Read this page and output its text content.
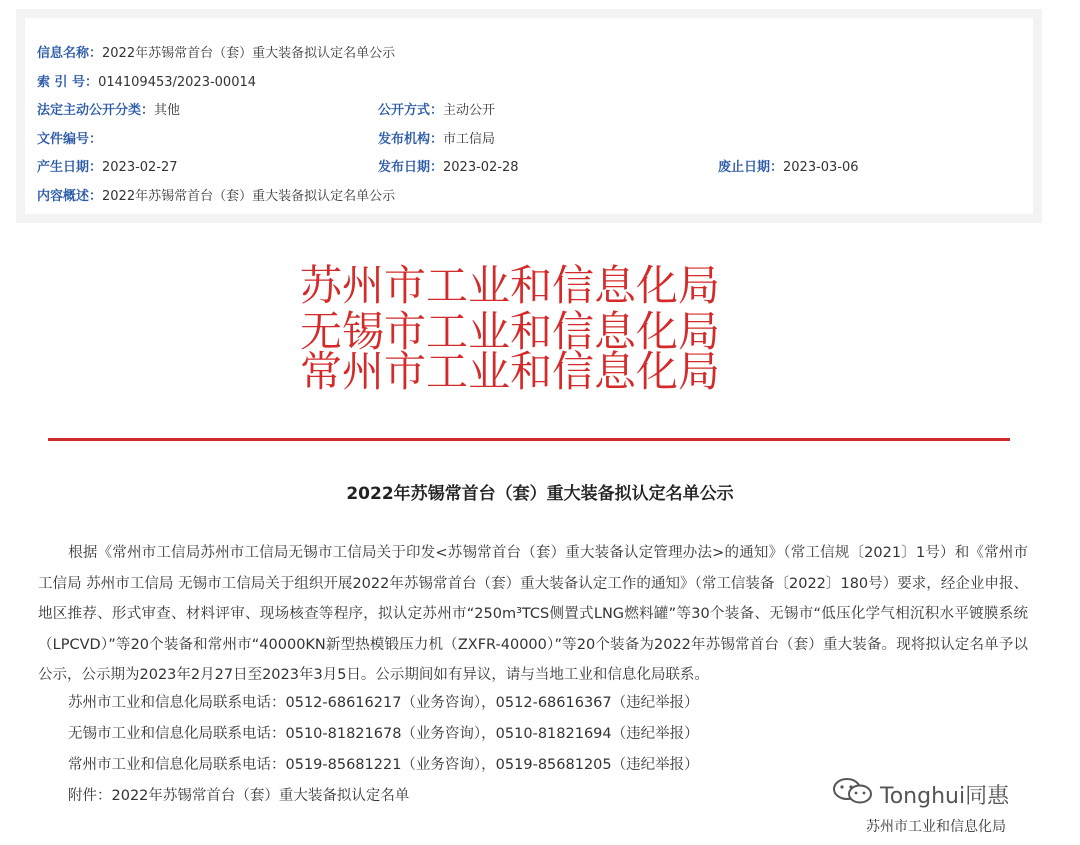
信息名称：2022年苏锡常首台（套）重大装备拟认定名单公示
索 引 号：014109453/2023-00014
法定主动公开分类：其他	公开方式：主动公开
文件编号：	发布机构：市工信局
产生日期：2023-02-27	发布日期：2023-02-28	废止日期：2023-03-06
内容概述：2022年苏锡常首台（套）重大装备拟认定名单公示
苏州市工业和信息化局
无锡市工业和信息化局
常州市工业和信息化局
2022年苏锡常首台（套）重大装备拟认定名单公示
根据《常州市工信局苏州市工信局无锡市工信局关于印发<苏锡常首台（套）重大装备认定管理办法>的通知》（常工信规〔2021〕1号）和《常州市工信局 苏州市工信局 无锡市工信局关于组织开展2022年苏锡常首台（套）重大装备认定工作的通知》（常工信装备〔2022〕180号）要求，经企业申报、地区推荐、形式审查、材料评审、现场核查等程序，拟认定苏州市“250m³TCS侧置式LNG燃料罐”等30个装备、无锡市“低压化学气相沉积水平镀膜系统（LPCVD）”等20个装备和常州市“40000KN新型热模锻压力机（ZXFR-40000）”等20个装备为2022年苏锡常首台（套）重大装备。现将拟认定名单予以公示，公示期为2023年2月27日至2023年3月5日。公示期间如有异议，请与当地工业和信息化局联系。
苏州市工业和信息化局联系电话：0512-68616217（业务咨询），0512-68616367（违纪举报）
无锡市工业和信息化局联系电话：0510-81821678（业务咨询），0510-81821694（违纪举报）
常州市工业和信息化局联系电话：0519-85681221（业务咨询），0519-85681205（违纪举报）
附件：2022年苏锡常首台（套）重大装备拟认定名单	Tonghui同惠
苏州市工业和信息化局
